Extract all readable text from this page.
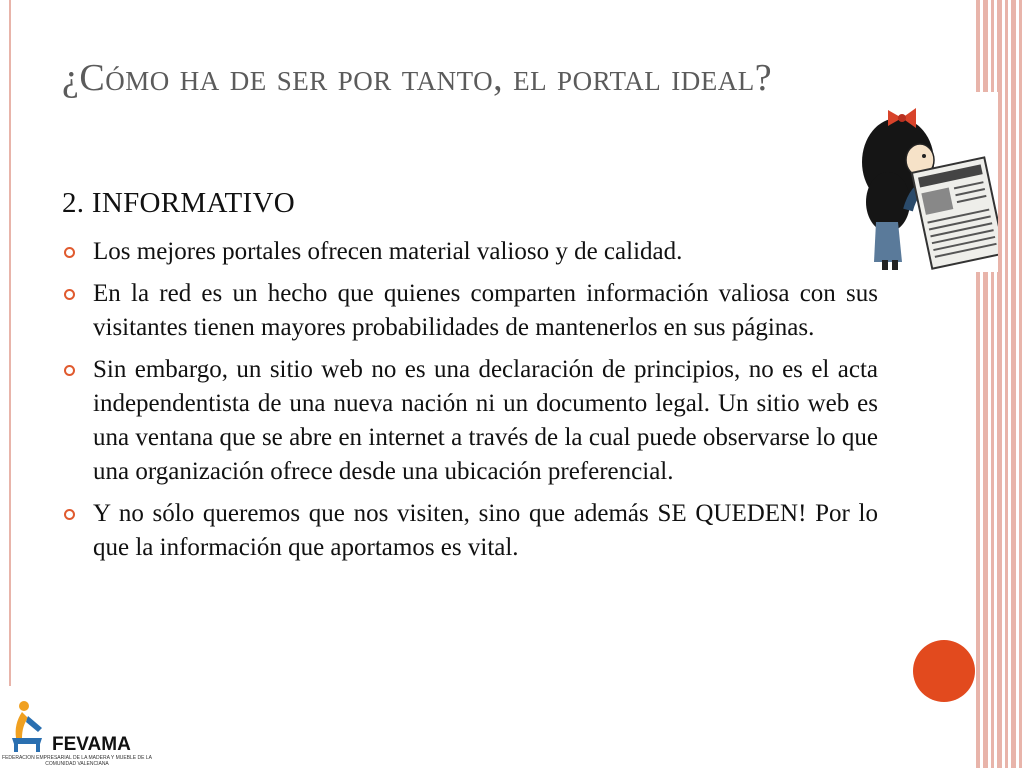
¿Cómo ha de ser por tanto, el portal ideal?
2. INFORMATIVO
Los mejores portales ofrecen material valioso y de calidad.
En la red es un hecho que quienes comparten información valiosa con sus visitantes tienen mayores probabilidades de mantenerlos en sus páginas.
Sin embargo, un sitio web no es una declaración de principios, no es el acta independentista de una nueva nación ni un documento legal. Un sitio web es una ventana que se abre en internet a través de la cual puede observarse lo que una organización ofrece desde una ubicación preferencial.
Y no sólo queremos que nos visiten, sino que además SE QUEDEN! Por lo que la información que aportamos es vital.
FEVAMA
FEDERACION EMPRESARIAL DE LA MADERA Y MUEBLE DE LA COMUNIDAD VALENCIANA
